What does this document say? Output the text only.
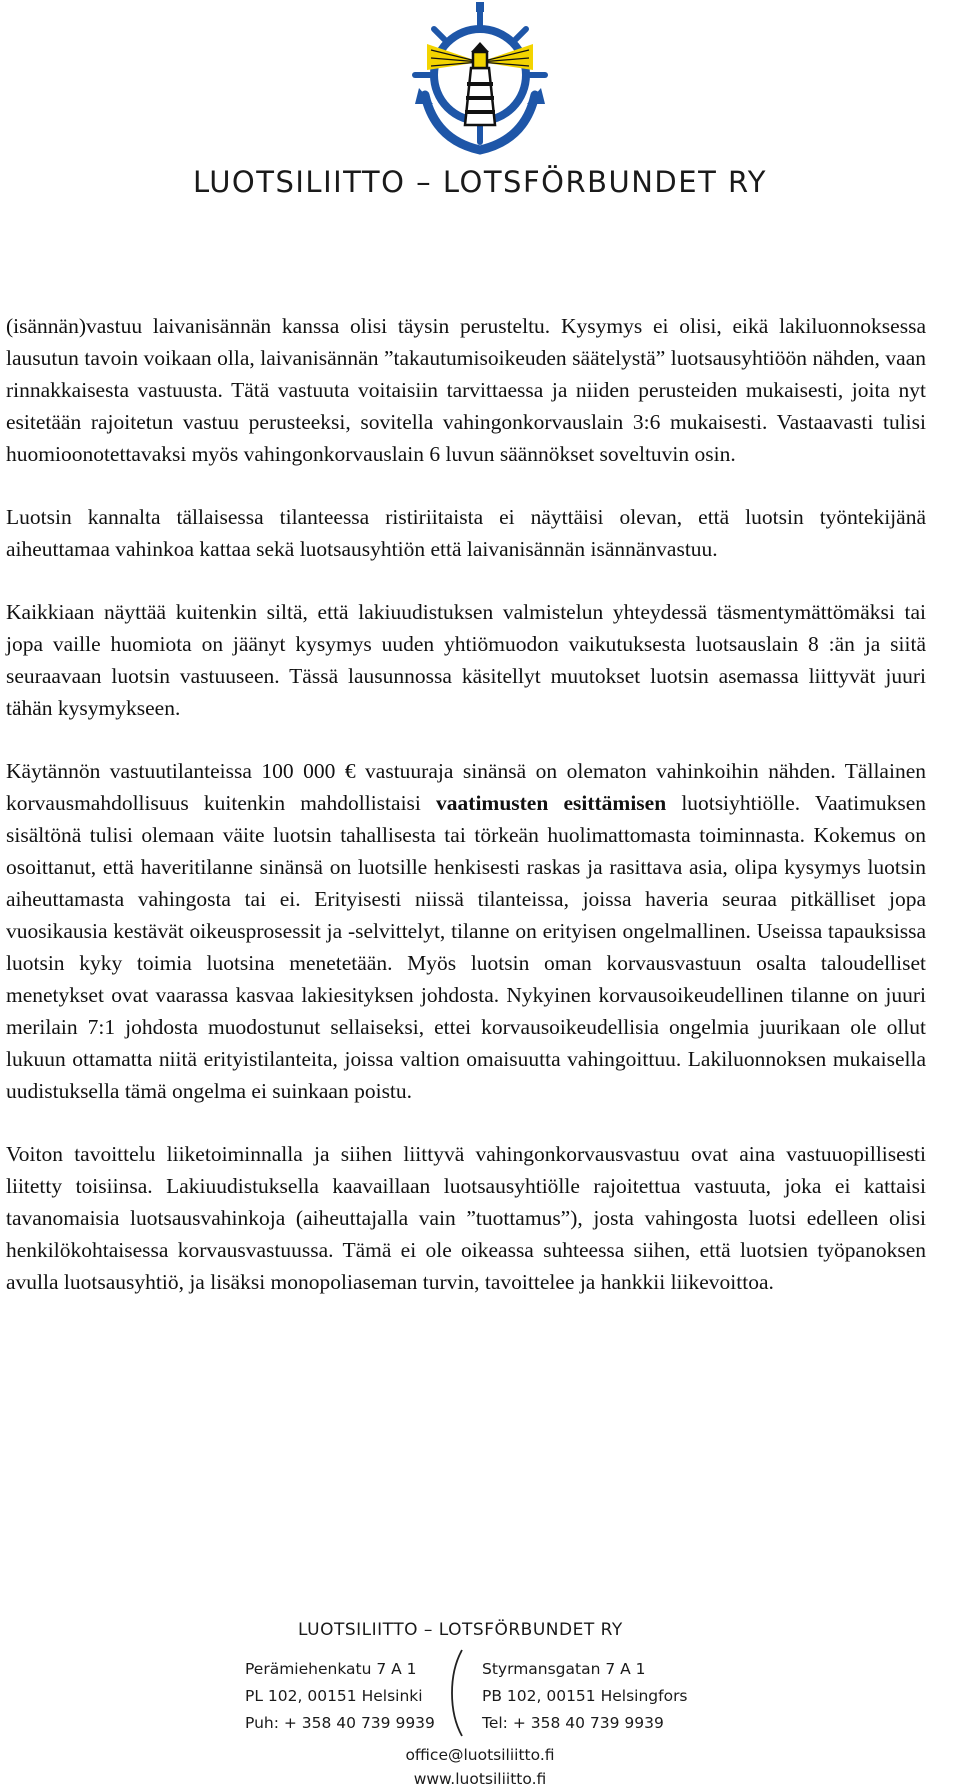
LUOTSILIITTO – LOTSFÖRBUNDET RY

(isännän)vastuu laivanisännän kanssa olisi täysin perusteltu. Kysymys ei olisi, eikä lakiluonnoksessa lausutun tavoin voikaan olla, laivanisännän ”takautumisoikeuden säätelystä” luotsausyhtiöön nähden, vaan rinnakkaisesta vastuusta. Tätä vastuuta voitaisiin tarvittaessa ja niiden perusteiden mukaisesti, joita nyt esitetään rajoitetun vastuu perusteeksi, sovitella vahingonkorvauslain 3:6 mukaisesti. Vastaavasti tulisi huomioonotettavaksi myös vahingonkorvauslain 6 luvun säännökset soveltuvin osin.

Luotsin kannalta tällaisessa tilanteessa ristiriitaista ei näyttäisi olevan, että luotsin työntekijänä aiheuttamaa vahinkoa kattaa sekä luotsausyhtiön että laivanisännän isännänvastuu.

Kaikkiaan näyttää kuitenkin siltä, että lakiuudistuksen valmistelun yhteydessä täsmentymättömäksi tai jopa vaille huomiota on jäänyt kysymys uuden yhtiömuodon vaikutuksesta luotsauslain 8 :än ja siitä seuraavaan luotsin vastuuseen. Tässä lausunnossa käsitellyt muutokset luotsin asemassa liittyvät juuri tähän kysymykseen.

Käytännön vastuutilanteissa 100 000 € vastuuraja sinänsä on olematon vahinkoihin nähden. Tällainen korvausmahdollisuus kuitenkin mahdollistaisi vaatimusten esittämisen luotsiyhtiölle. Vaatimuksen sisältönä tulisi olemaan väite luotsin tahallisesta tai törkeän huolimattomasta toiminnasta. Kokemus on osoittanut, että haveritilanne sinänsä on luotsille henkisesti raskas ja rasittava asia, olipa kysymys luotsin aiheuttamasta vahingosta tai ei. Erityisesti niissä tilanteissa, joissa haveria seuraa pitkälliset jopa vuosikausia kestävät oikeusprosessit ja -selvittelyt, tilanne on erityisen ongelmallinen. Useissa tapauksissa luotsin kyky toimia luotsina menetetään. Myös luotsin oman korvausvastuun osalta taloudelliset menetykset ovat vaarassa kasvaa lakiesityksen johdosta. Nykyinen korvausoikeudellinen tilanne on juuri merilain 7:1 johdosta muodostunut sellaiseksi, ettei korvausoikeudellisia ongelmia juurikaan ole ollut lukuun ottamatta niitä erityistilanteita, joissa valtion omaisuutta vahingoittuu. Lakiluonnoksen mukaisella uudistuksella tämä ongelma ei suinkaan poistu.

Voiton tavoittelu liiketoiminnalla ja siihen liittyvä vahingonkorvausvastuu ovat aina vastuuopillisesti liitetty toisiinsa. Lakiuudistuksella kaavaillaan luotsausyhtiölle rajoitettua vastuuta, joka ei kattaisi tavanomaisia luotsausvahinkoja (aiheuttajalla vain ”tuottamus”), josta vahingosta luotsi edelleen olisi henkilökohtaisessa korvausvastuussa. Tämä ei ole oikeassa suhteessa siihen, että luotsien työpanoksen avulla luotsausyhtiö, ja lisäksi monopoliaseman turvin, tavoittelee ja hankkii liikevoittoa.

LUOTSILIITTO – LOTSFÖRBUNDET RY
Perämiehenkatu 7 A 1
PL 102, 00151 Helsinki
Puh: + 358 40 739 9939
Styrmansgatan 7 A 1
PB 102, 00151 Helsingfors
Tel: + 358 40 739 9939
office@luotsiliitto.fi
www.luotsiliitto.fi
